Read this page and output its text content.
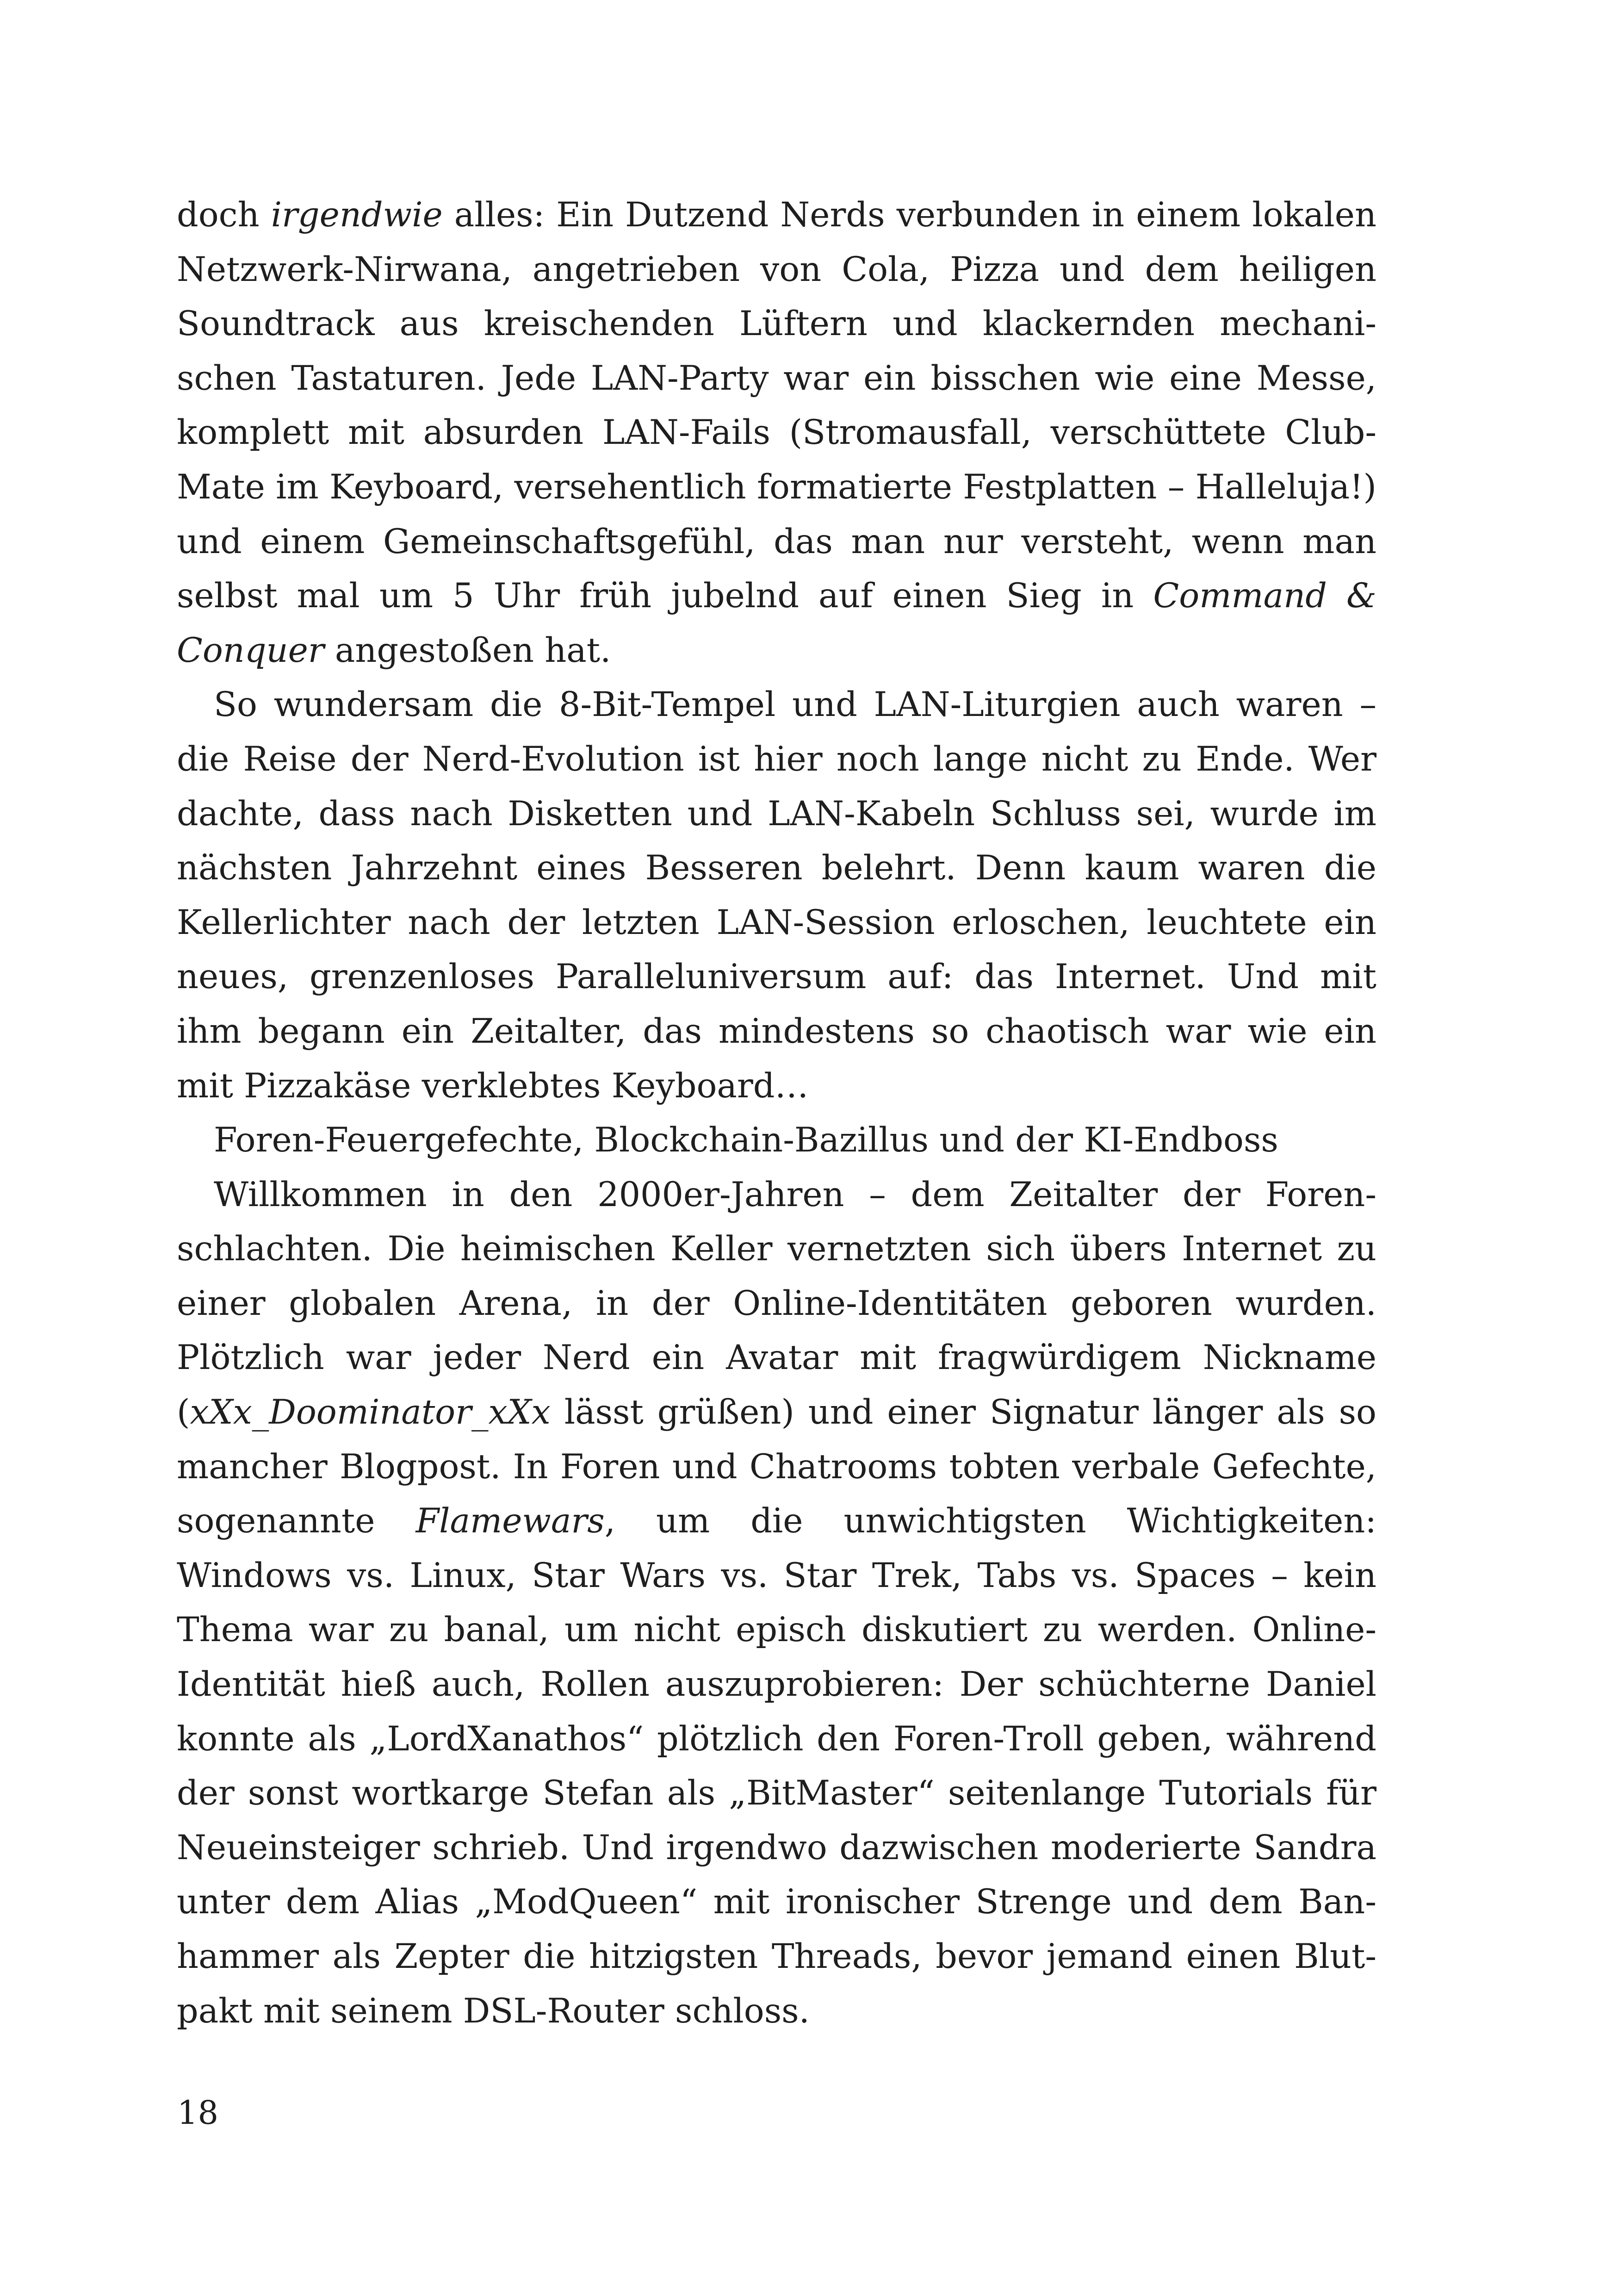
doch irgendwie alles: Ein Dutzend Nerds verbunden in einem lokalen Netzwerk-Nirwana, angetrieben von Cola, Pizza und dem heiligen Soundtrack aus kreischenden Lüftern und klackernden mechanischen Tastaturen. Jede LAN-Party war ein bisschen wie eine Messe, komplett mit absurden LAN-Fails (Stromausfall, verschüttete Club-Mate im Keyboard, versehentlich formatierte Festplatten – Halleluja!) und einem Gemeinschaftsgefühl, das man nur versteht, wenn man selbst mal um 5 Uhr früh jubelnd auf einen Sieg in Command & Conquer angestoßen hat.

So wundersam die 8-Bit-Tempel und LAN-Liturgien auch waren – die Reise der Nerd-Evolution ist hier noch lange nicht zu Ende. Wer dachte, dass nach Disketten und LAN-Kabeln Schluss sei, wurde im nächsten Jahrzehnt eines Besseren belehrt. Denn kaum waren die Kellerlichter nach der letzten LAN-Session erloschen, leuchtete ein neues, grenzenloses Paralleluniversum auf: das Internet. Und mit ihm begann ein Zeitalter, das mindestens so chaotisch war wie ein mit Pizzakäse verklebtes Keyboard…

Foren-Feuergefechte, Blockchain-Bazillus und der KI-Endboss

Willkommen in den 2000er-Jahren – dem Zeitalter der Forenschlachten. Die heimischen Keller vernetzten sich übers Internet zu einer globalen Arena, in der Online-Identitäten geboren wurden. Plötzlich war jeder Nerd ein Avatar mit fragwürdigem Nickname (xXx_Doominator_xXx lässt grüßen) und einer Signatur länger als so mancher Blogpost. In Foren und Chatrooms tobten verbale Gefechte, sogenannte Flamewars, um die unwichtigsten Wichtigkeiten: Windows vs. Linux, Star Wars vs. Star Trek, Tabs vs. Spaces – kein Thema war zu banal, um nicht episch diskutiert zu werden. Online-Identität hieß auch, Rollen auszuprobieren: Der schüchterne Daniel konnte als „LordXanathos“ plötzlich den Foren-Troll geben, während der sonst wortkarge Stefan als „BitMaster“ seitenlange Tutorials für Neueinsteiger schrieb. Und irgendwo dazwischen moderierte Sandra unter dem Alias „ModQueen“ mit ironischer Strenge und dem Banhammer als Zepter die hitzigsten Threads, bevor jemand einen Blutpakt mit seinem DSL-Router schloss.

18
